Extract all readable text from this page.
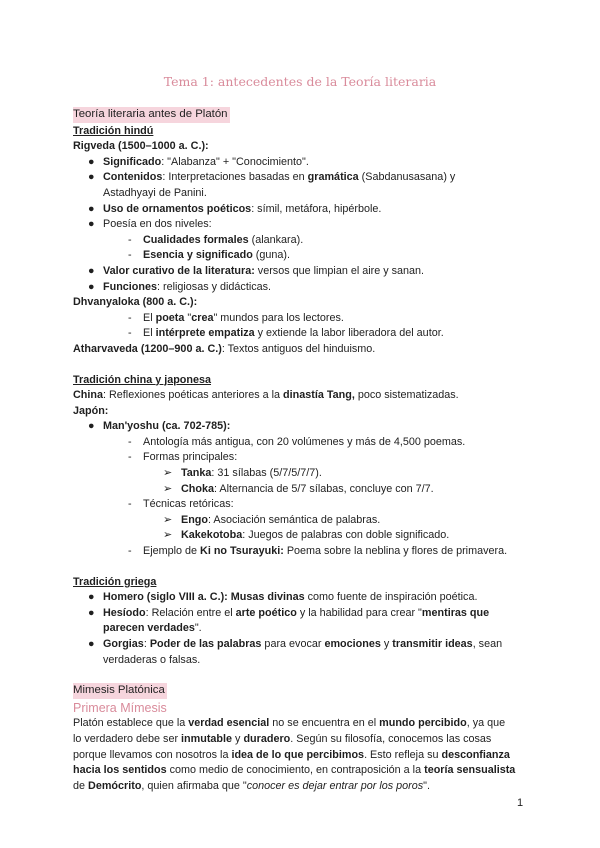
Tema 1: antecedentes de la Teoría literaria
Teoría literaria antes de Platón
Tradición hindú
Rigveda (1500–1000 a. C.):
● Significado: "Alabanza" + "Conocimiento".
● Contenidos: Interpretaciones basadas en gramática (Sabdanusasana) y
Astadhyayi de Panini.
● Uso de ornamentos poéticos: símil, metáfora, hipérbole.
● Poesía en dos niveles:
- Cualidades formales (alankara).
- Esencia y significado (guna).
● Valor curativo de la literatura: versos que limpian el aire y sanan.
● Funciones: religiosas y didácticas.
Dhvanyaloka (800 a. C.):
- El poeta "crea" mundos para los lectores.
- El intérprete empatiza y extiende la labor liberadora del autor.
Atharvaveda (1200–900 a. C.): Textos antiguos del hinduismo.
Tradición china y japonesa
China: Reflexiones poéticas anteriores a la dinastía Tang, poco sistematizadas.
Japón:
● Man'yoshu (ca. 702-785):
- Antología más antigua, con 20 volúmenes y más de 4,500 poemas.
- Formas principales:
➢ Tanka: 31 sílabas (5/7/5/7/7).
➢ Choka: Alternancia de 5/7 sílabas, concluye con 7/7.
- Técnicas retóricas:
➢ Engo: Asociación semántica de palabras.
➢ Kakekotoba: Juegos de palabras con doble significado.
- Ejemplo de Ki no Tsurayuki: Poema sobre la neblina y flores de primavera.
Tradición griega
● Homero (siglo VIII a. C.): Musas divinas como fuente de inspiración poética.
● Hesíodo: Relación entre el arte poético y la habilidad para crear "mentiras que
parecen verdades".
● Gorgias: Poder de las palabras para evocar emociones y transmitir ideas, sean
verdaderas o falsas.
Mimesis Platónica
Primera Mímesis
Platón establece que la verdad esencial no se encuentra en el mundo percibido, ya que
lo verdadero debe ser inmutable y duradero. Según su filosofía, conocemos las cosas
porque llevamos con nosotros la idea de lo que percibimos. Esto refleja su desconfianza
hacia los sentidos como medio de conocimiento, en contraposición a la teoría sensualista
de Demócrito, quien afirmaba que "conocer es dejar entrar por los poros".
1
